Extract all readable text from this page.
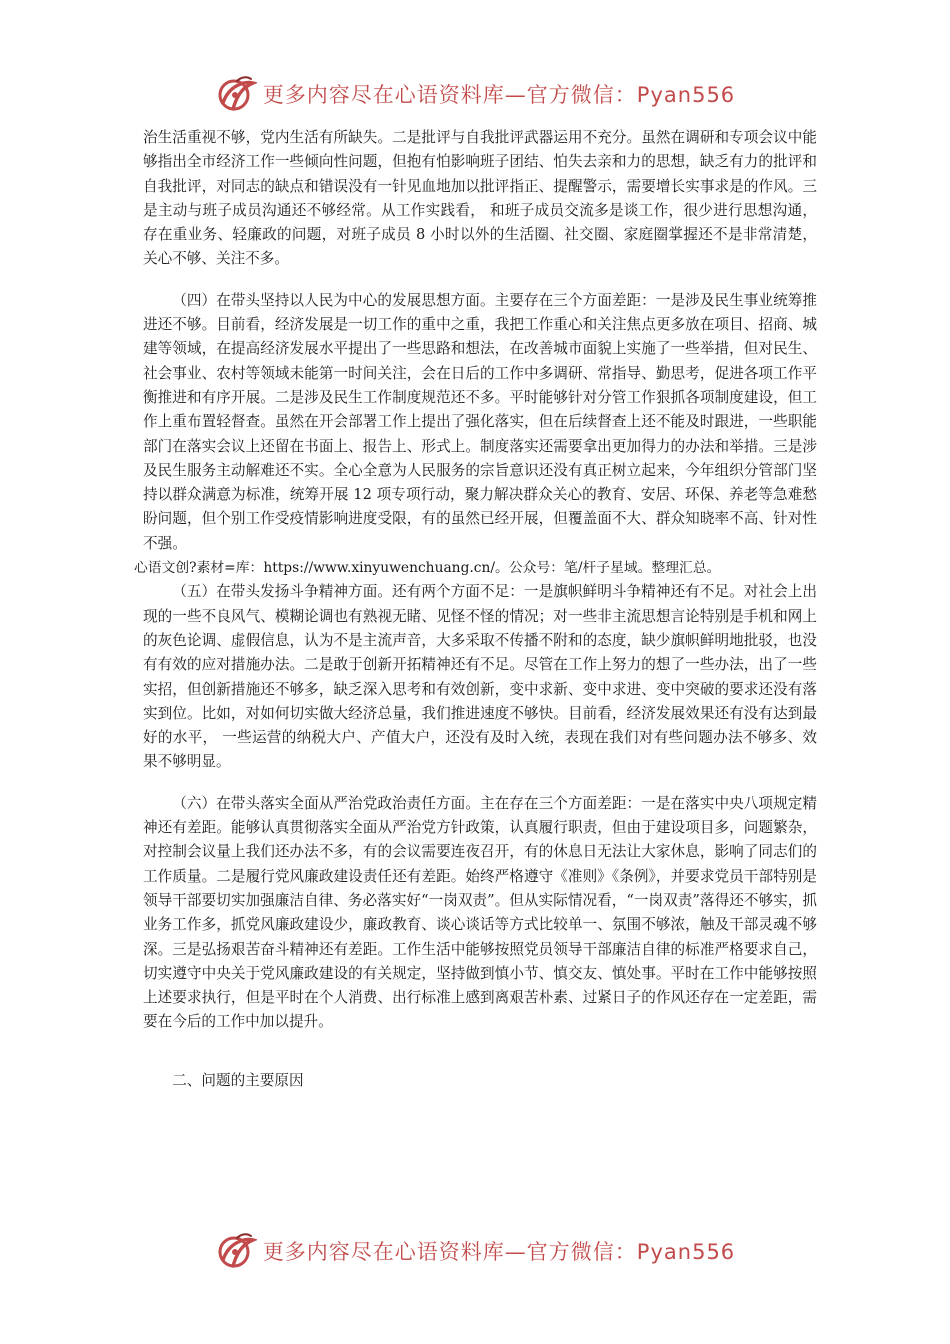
更多内容尽在心语资料库—官方微信：Pyan556

治生活重视不够，党内生活有所缺失。二是批评与自我批评武器运用不充分。虽然在调研和专项会议中能够指出全市经济工作一些倾向性问题，但抱有怕影响班子团结、怕失去亲和力的思想，缺乏有力的批评和自我批评，对同志的缺点和错误没有一针见血地加以批评指正、提醒警示，需要增长实事求是的作风。三是主动与班子成员沟通还不够经常。从工作实践看， 和班子成员交流多是谈工作，很少进行思想沟通，存在重业务、轻廉政的问题，对班子成员 8 小时以外的生活圈、社交圈、家庭圈掌握还不是非常清楚，关心不够、关注不多。

（四）在带头坚持以人民为中心的发展思想方面。主要存在三个方面差距：一是涉及民生事业统筹推进还不够。目前看，经济发展是一切工作的重中之重，我把工作重心和关注焦点更多放在项目、招商、城建等领域，在提高经济发展水平提出了一些思路和想法，在改善城市面貌上实施了一些举措，但对民生、社会事业、农村等领域未能第一时间关注，会在日后的工作中多调研、常指导、勤思考，促进各项工作平衡推进和有序开展。二是涉及民生工作制度规范还不多。平时能够针对分管工作狠抓各项制度建设，但工作上重布置轻督查。虽然在开会部署工作上提出了强化落实，但在后续督查上还不能及时跟进，一些职能部门在落实会议上还留在书面上、报告上、形式上。制度落实还需要拿出更加得力的办法和举措。三是涉及民生服务主动解难还不实。全心全意为人民服务的宗旨意识还没有真正树立起来，今年组织分管部门坚持以群众满意为标准，统筹开展 12 项专项行动，聚力解决群众关心的教育、安居、环保、养老等急难愁盼问题，但个别工作受疫情影响进度受限，有的虽然已经开展，但覆盖面不大、群众知晓率不高、针对性不强。

心语文创?素材=库：https://www.xinyuwenchuang.cn/。公众号：笔/杆子星域。整理汇总。

（五）在带头发扬斗争精神方面。还有两个方面不足：一是旗帜鲜明斗争精神还有不足。对社会上出现的一些不良风气、模糊论调也有熟视无睹、见怪不怪的情况；对一些非主流思想言论特别是手机和网上的灰色论调、虚假信息，认为不是主流声音，大多采取不传播不附和的态度，缺少旗帜鲜明地批驳，也没有有效的应对措施办法。二是敢于创新开拓精神还有不足。尽管在工作上努力的想了一些办法，出了一些实招，但创新措施还不够多，缺乏深入思考和有效创新，变中求新、变中求进、变中突破的要求还没有落实到位。比如，对如何切实做大经济总量，我们推进速度不够快。目前看，经济发展效果还有没有达到最好的水平， 一些运营的纳税大户、产值大户，还没有及时入统，表现在我们对有些问题办法不够多、效果不够明显。

（六）在带头落实全面从严治党政治责任方面。主在存在三个方面差距：一是在落实中央八项规定精神还有差距。能够认真贯彻落实全面从严治党方针政策，认真履行职责，但由于建设项目多，问题繁杂，对控制会议量上我们还办法不多，有的会议需要连夜召开，有的休息日无法让大家休息，影响了同志们的工作质量。二是履行党风廉政建设责任还有差距。始终严格遵守《准则》《条例》，并要求党员干部特别是领导干部要切实加强廉洁自律、务必落实好“一岗双责”。但从实际情况看，“一岗双责”落得还不够实，抓业务工作多，抓党风廉政建设少，廉政教育、谈心谈话等方式比较单一、氛围不够浓，触及干部灵魂不够深。三是弘扬艰苦奋斗精神还有差距。工作生活中能够按照党员领导干部廉洁自律的标准严格要求自己，切实遵守中央关于党风廉政建设的有关规定，坚持做到慎小节、慎交友、慎处事。平时在工作中能够按照上述要求执行，但是平时在个人消费、出行标准上感到离艰苦朴素、过紧日子的作风还存在一定差距，需要在今后的工作中加以提升。

二、问题的主要原因

更多内容尽在心语资料库—官方微信：Pyan556
